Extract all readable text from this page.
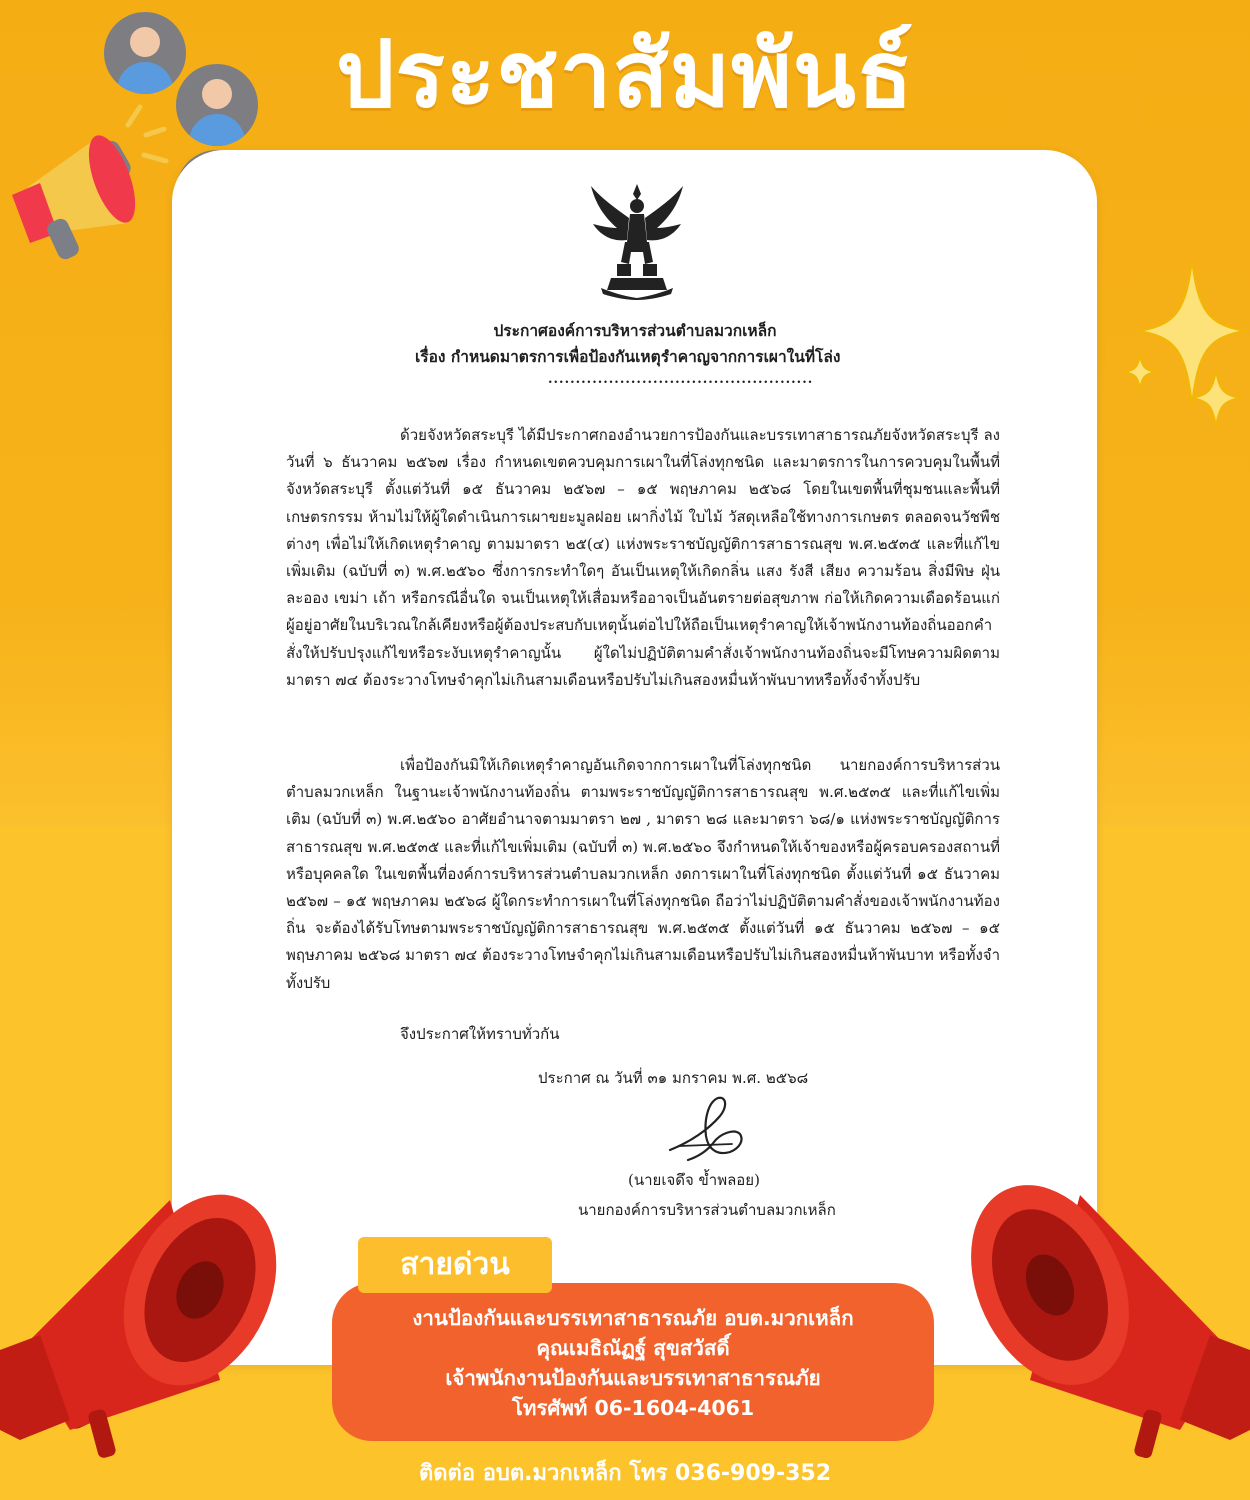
ประชาสัมพันธ์
ประกาศองค์การบริหารส่วนตำบลมวกเหล็ก
เรื่อง กำหนดมาตรการเพื่อป้องกันเหตุรำคาญจากการเผาในที่โล่ง
................................................

ด้วยจังหวัดสระบุรี ได้มีประกาศกองอำนวยการป้องกันและบรรเทาสาธารณภัยจังหวัดสระบุรี ลงวันที่ ๖ ธันวาคม ๒๕๖๗ เรื่อง กำหนดเขตควบคุมการเผาในที่โล่งทุกชนิด และมาตรการในการควบคุมในพื้นที่จังหวัดสระบุรี ตั้งแต่วันที่ ๑๕ ธันวาคม ๒๕๖๗ – ๑๕ พฤษภาคม ๒๕๖๘ โดยในเขตพื้นที่ชุมชนและพื้นที่เกษตรกรรม ห้ามไม่ให้ผู้ใดดำเนินการเผาขยะมูลฝอย เผากิ่งไม้ ใบไม้ วัสดุเหลือใช้ทางการเกษตร ตลอดจนวัชพืชต่างๆ เพื่อไม่ให้เกิดเหตุรำคาญ ตามมาตรา ๒๕(๔) แห่งพระราชบัญญัติการสาธารณสุข พ.ศ.๒๕๓๕ และที่แก้ไขเพิ่มเติม (ฉบับที่ ๓) พ.ศ.๒๕๖๐ ซึ่งการกระทำใดๆ อันเป็นเหตุให้เกิดกลิ่น แสง รังสี เสียง ความร้อน สิ่งมีพิษ ฝุ่นละออง เขม่า เถ้า หรือกรณีอื่นใด จนเป็นเหตุให้เสื่อมหรืออาจเป็นอันตรายต่อสุขภาพ ก่อให้เกิดความเดือดร้อนแก่ผู้อยู่อาศัยในบริเวณใกล้เคียงหรือผู้ต้องประสบกับเหตุนั้นต่อไปให้ถือเป็นเหตุรำคาญให้เจ้าพนักงานท้องถิ่นออกคำสั่งให้ปรับปรุงแก้ไขหรือระงับเหตุรำคาญนั้น ผู้ใดไม่ปฏิบัติตามคำสั่งเจ้าพนักงานท้องถิ่นจะมีโทษความผิดตามมาตรา ๗๔ ต้องระวางโทษจำคุกไม่เกินสามเดือนหรือปรับไม่เกินสองหมื่นห้าพันบาทหรือทั้งจำทั้งปรับ

เพื่อป้องกันมิให้เกิดเหตุรำคาญอันเกิดจากการเผาในที่โล่งทุกชนิด นายกองค์การบริหารส่วนตำบลมวกเหล็ก ในฐานะเจ้าพนักงานท้องถิ่น ตามพระราชบัญญัติการสาธารณสุข พ.ศ.๒๕๓๕ และที่แก้ไขเพิ่มเติม (ฉบับที่ ๓) พ.ศ.๒๕๖๐ อาศัยอำนาจตามมาตรา ๒๗ , มาตรา ๒๘ และมาตรา ๖๘/๑ แห่งพระราชบัญญัติการสาธารณสุข พ.ศ.๒๕๓๕ และที่แก้ไขเพิ่มเติม (ฉบับที่ ๓) พ.ศ.๒๕๖๐ จึงกำหนดให้เจ้าของหรือผู้ครอบครองสถานที่หรือบุคคลใด ในเขตพื้นที่องค์การบริหารส่วนตำบลมวกเหล็ก งดการเผาในที่โล่งทุกชนิด ตั้งแต่วันที่ ๑๕ ธันวาคม ๒๕๖๗ – ๑๕ พฤษภาคม ๒๕๖๘ ผู้ใดกระทำการเผาในที่โล่งทุกชนิด ถือว่าไม่ปฏิบัติตามคำสั่งของเจ้าพนักงานท้องถิ่น จะต้องได้รับโทษตามพระราชบัญญัติการสาธารณสุข พ.ศ.๒๕๓๕ ตั้งแต่วันที่ ๑๕ ธันวาคม ๒๕๖๗ – ๑๕ พฤษภาคม ๒๕๖๘ มาตรา ๗๔ ต้องระวางโทษจำคุกไม่เกินสามเดือนหรือปรับไม่เกินสองหมื่นห้าพันบาท หรือทั้งจำทั้งปรับ

จึงประกาศให้ทราบทั่วกัน
ประกาศ ณ วันที่ ๓๑ มกราคม พ.ศ. ๒๕๖๘
(นายเจดึจ ข้ำพลอย)
นายกองค์การบริหารส่วนตำบลมวกเหล็ก
งานป้องกันและบรรเทาสาธารณภัย อบต.มวกเหล็ก
คุณเมธิณัฏฐ์ สุขสวัสดิ์
เจ้าพนักงานป้องกันและบรรเทาสาธารณภัย
โทรศัพท์ 06-1604-4061
สายด่วน
ติดต่อ อบต.มวกเหล็ก โทร 036-909-352
